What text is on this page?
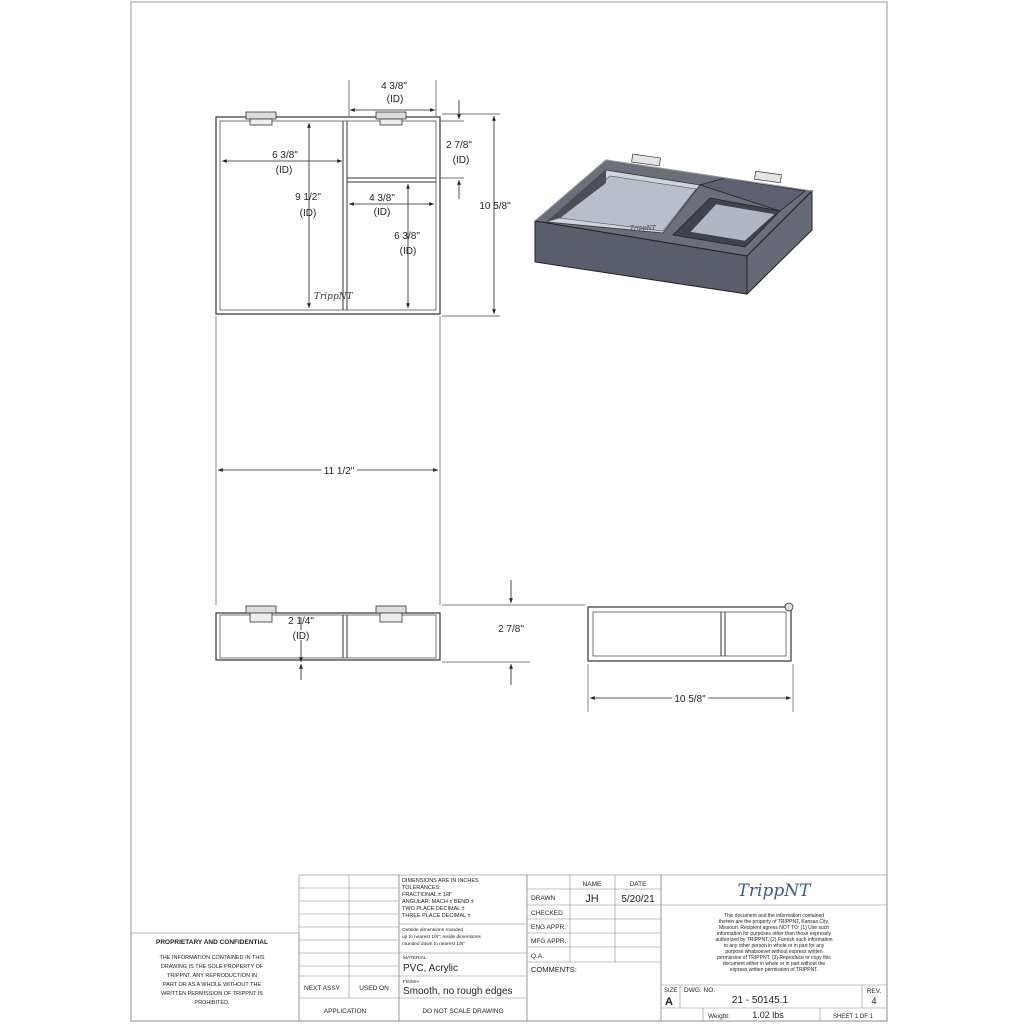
TrippNT
4 3/8"
(ID)
6 3/8"
(ID)
2 7/8"
(ID)
4 3/8"
(ID)
9 1/2"
(ID)
6 3/8"
(ID)
10 5/8"
11 1/2"
TrippNT
2 1/4"
(ID)
2 7/8"
10 5/8"
PROPRIETARY AND CONFIDENTIAL
THE INFORMATION CONTAINED IN THIS
DRAWING IS THE SOLE PROPERTY OF
TRIPPNT. ANY REPRODUCTION IN
PART OR AS A WHOLE WITHOUT THE
WRITTEN PERMISSION OF TRIPPNT IS
PROHIBITED.
NEXT ASSY	USED ON
APPLICATION
DIMENSIONS ARE IN INCHES
TOLERANCES:
FRACTIONAL ± 1/8"
ANGULAR: MACH ± BEND ±
TWO PLACE DECIMAL ±
THREE PLACE DECIMAL ±
Outside dimensions rounded
up to nearest 1/8"; Inside dimensions
rounded down to nearest 1/8"
MATERIAL
PVC, Acrylic
FINISH
Smooth, no rough edges
DO NOT SCALE DRAWING
NAME	DATE
DRAWN	JH 5/20/21
CHECKED
ENG APPR.
MFG APPR.
Q.A.
COMMENTS:
TrippNT
This document and the information contained
therein are the property of TRIPPNT, Kansas City,
Missouri. Recipient agrees NOT TO: (1) Use such
information for purposes other than those expressly
authorized by TRIPPNT. (2) Furnish such information
to any other person in whole or in part for any
purpose whatsoever without express written
permission of TRIPPNT. (3) Reproduce or copy this
document either in whole or in part without the
express written permission of TRIPPNT.
SIZE
A
DWG. NO.
21 - 50145.1
REV.
4
Weight: 1.02 lbs	SHEET 1 OF 1
